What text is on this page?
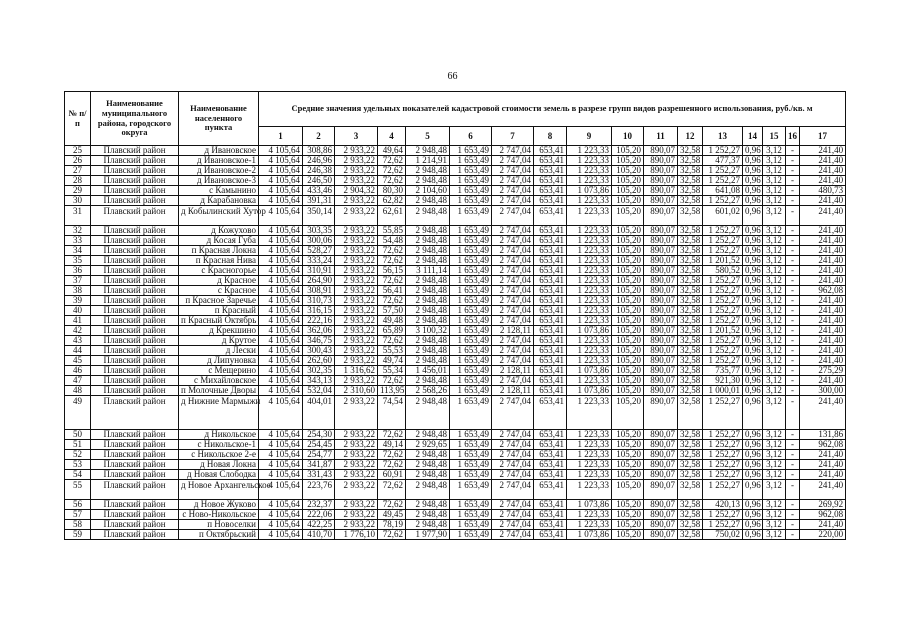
66
№ п/п	Наименование муниципального района, городского округа	Наименование населенного пункта	Средние значения удельных показателей кадастровой стоимости земель в разрезе групп видов разрешенного использования, руб./кв. м																
			1	2	3	4	5	6	7	8	9	10	11	12	13	14	15	16	17
25	Плавский район	д Ивановское	4 105,64	308,86	2 933,22	49,64	2 948,48	1 653,49	2 747,04	653,41	1 223,33	105,20	890,07	32,58	1 252,27	0,96	3,12	-	241,40
26	Плавский район	д Ивановское-1	4 105,64	246,96	2 933,22	72,62	1 214,91	1 653,49	2 747,04	653,41	1 223,33	105,20	890,07	32,58	477,37	0,96	3,12	-	241,40
27	Плавский район	д Ивановское-2	4 105,64	246,38	2 933,22	72,62	2 948,48	1 653,49	2 747,04	653,41	1 223,33	105,20	890,07	32,58	1 252,27	0,96	3,12	-	241,40
28	Плавский район	д Ивановское-3	4 105,64	246,50	2 933,22	72,62	2 948,48	1 653,49	2 747,04	653,41	1 223,33	105,20	890,07	32,58	1 252,27	0,96	3,12	-	241,40
29	Плавский район	с Камынино	4 105,64	433,46	2 904,32	80,30	2 104,60	1 653,49	2 747,04	653,41	1 073,86	105,20	890,07	32,58	641,08	0,96	3,12	-	480,73
30	Плавский район	д Карабановка	4 105,64	391,31	2 933,22	62,82	2 948,48	1 653,49	2 747,04	653,41	1 223,33	105,20	890,07	32,58	1 252,27	0,96	3,12	-	241,40
31	Плавский район	д Кобылинский Хутор	4 105,64	350,14	2 933,22	62,61	2 948,48	1 653,49	2 747,04	653,41	1 223,33	105,20	890,07	32,58	601,02	0,96	3,12	-	241,40
32	Плавский район	д Кожухово	4 105,64	303,35	2 933,22	55,85	2 948,48	1 653,49	2 747,04	653,41	1 223,33	105,20	890,07	32,58	1 252,27	0,96	3,12	-	241,40
33	Плавский район	д Косая Губа	4 105,64	300,06	2 933,22	54,48	2 948,48	1 653,49	2 747,04	653,41	1 223,33	105,20	890,07	32,58	1 252,27	0,96	3,12	-	241,40
34	Плавский район	п Красная Локна	4 105,64	528,27	2 933,22	72,62	2 948,48	1 653,49	2 747,04	653,41	1 223,33	105,20	890,07	32,58	1 252,27	0,96	3,12	-	241,40
35	Плавский район	п Красная Нива	4 105,64	333,24	2 933,22	72,62	2 948,48	1 653,49	2 747,04	653,41	1 223,33	105,20	890,07	32,58	1 201,52	0,96	3,12	-	241,40
36	Плавский район	с Красногорье	4 105,64	310,91	2 933,22	56,15	3 111,14	1 653,49	2 747,04	653,41	1 223,33	105,20	890,07	32,58	580,52	0,96	3,12	-	241,40
37	Плавский район	д Красное	4 105,64	264,90	2 933,22	72,62	2 948,48	1 653,49	2 747,04	653,41	1 223,33	105,20	890,07	32,58	1 252,27	0,96	3,12	-	241,40
38	Плавский район	с Красное	4 105,64	308,91	2 933,22	56,41	2 948,48	1 653,49	2 747,04	653,41	1 223,33	105,20	890,07	32,58	1 252,27	0,96	3,12	-	962,08
39	Плавский район	п Красное Заречье	4 105,64	310,73	2 933,22	72,62	2 948,48	1 653,49	2 747,04	653,41	1 223,33	105,20	890,07	32,58	1 252,27	0,96	3,12	-	241,40
40	Плавский район	п Красный	4 105,64	316,15	2 933,22	57,50	2 948,48	1 653,49	2 747,04	653,41	1 223,33	105,20	890,07	32,58	1 252,27	0,96	3,12	-	241,40
41	Плавский район	п Красный Октябрь	4 105,64	222,16	2 933,22	49,48	2 948,48	1 653,49	2 747,04	653,41	1 223,33	105,20	890,07	32,58	1 252,27	0,96	3,12	-	241,40
42	Плавский район	д Крекшино	4 105,64	362,06	2 933,22	65,89	3 100,32	1 653,49	2 128,11	653,41	1 073,86	105,20	890,07	32,58	1 201,52	0,96	3,12	-	241,40
43	Плавский район	д Крутое	4 105,64	346,75	2 933,22	72,62	2 948,48	1 653,49	2 747,04	653,41	1 223,33	105,20	890,07	32,58	1 252,27	0,96	3,12	-	241,40
44	Плавский район	д Лески	4 105,64	300,43	2 933,22	55,53	2 948,48	1 653,49	2 747,04	653,41	1 223,33	105,20	890,07	32,58	1 252,27	0,96	3,12	-	241,40
45	Плавский район	д Липуновка	4 105,64	262,60	2 933,22	49,74	2 948,48	1 653,49	2 747,04	653,41	1 223,33	105,20	890,07	32,58	1 252,27	0,96	3,12	-	241,40
46	Плавский район	с Мещерино	4 105,64	302,35	1 316,62	55,34	1 456,01	1 653,49	2 128,11	653,41	1 073,86	105,20	890,07	32,58	735,77	0,96	3,12	-	275,29
47	Плавский район	с Михайловское	4 105,64	343,13	2 933,22	72,62	2 948,48	1 653,49	2 747,04	653,41	1 223,33	105,20	890,07	32,58	921,30	0,96	3,12	-	241,40
48	Плавский район	п Молочные Дворы	4 105,64	532,04	2 310,60	113,95	2 568,26	1 653,49	2 128,11	653,41	1 073,86	105,20	890,07	32,58	1 000,01	0,96	3,12	-	300,00
49	Плавский район	д Нижние Мармыжи	4 105,64	404,01	2 933,22	74,54	2 948,48	1 653,49	2 747,04	653,41	1 223,33	105,20	890,07	32,58	1 252,27	0,96	3,12	-	241,40
50	Плавский район	д Никольское	4 105,64	254,30	2 933,22	72,62	2 948,48	1 653,49	2 747,04	653,41	1 223,33	105,20	890,07	32,58	1 252,27	0,96	3,12	-	131,86
51	Плавский район	с Никольское-1	4 105,64	254,45	2 933,22	49,14	2 929,65	1 653,49	2 747,04	653,41	1 223,33	105,20	890,07	32,58	1 252,27	0,96	3,12	-	962,08
52	Плавский район	с Никольское 2-е	4 105,64	254,77	2 933,22	72,62	2 948,48	1 653,49	2 747,04	653,41	1 223,33	105,20	890,07	32,58	1 252,27	0,96	3,12	-	241,40
53	Плавский район	д Новая Локна	4 105,64	341,87	2 933,22	72,62	2 948,48	1 653,49	2 747,04	653,41	1 223,33	105,20	890,07	32,58	1 252,27	0,96	3,12	-	241,40
54	Плавский район	д Новая Слободка	4 105,64	331,43	2 933,22	60,91	2 948,48	1 653,49	2 747,04	653,41	1 223,33	105,20	890,07	32,58	1 252,27	0,96	3,12	-	241,40
55	Плавский район	д Новое Архангельское	4 105,64	223,76	2 933,22	72,62	2 948,48	1 653,49	2 747,04	653,41	1 223,33	105,20	890,07	32,58	1 252,27	0,96	3,12	-	241,40
56	Плавский район	д Новое Жуково	4 105,64	232,37	2 933,22	72,62	2 948,48	1 653,49	2 747,04	653,41	1 073,86	105,20	890,07	32,58	420,13	0,96	3,12	-	269,92
57	Плавский район	с Ново-Никольское	4 105,64	222,06	2 933,22	49,45	2 948,48	1 653,49	2 747,04	653,41	1 223,33	105,20	890,07	32,58	1 252,27	0,96	3,12	-	962,08
58	Плавский район	п Новоселки	4 105,64	422,25	2 933,22	78,19	2 948,48	1 653,49	2 747,04	653,41	1 223,33	105,20	890,07	32,58	1 252,27	0,96	3,12	-	241,40
59	Плавский район	п Октябрьский	4 105,64	410,70	1 776,10	72,62	1 977,90	1 653,49	2 747,04	653,41	1 073,86	105,20	890,07	32,58	750,02	0,96	3,12	-	220,00
